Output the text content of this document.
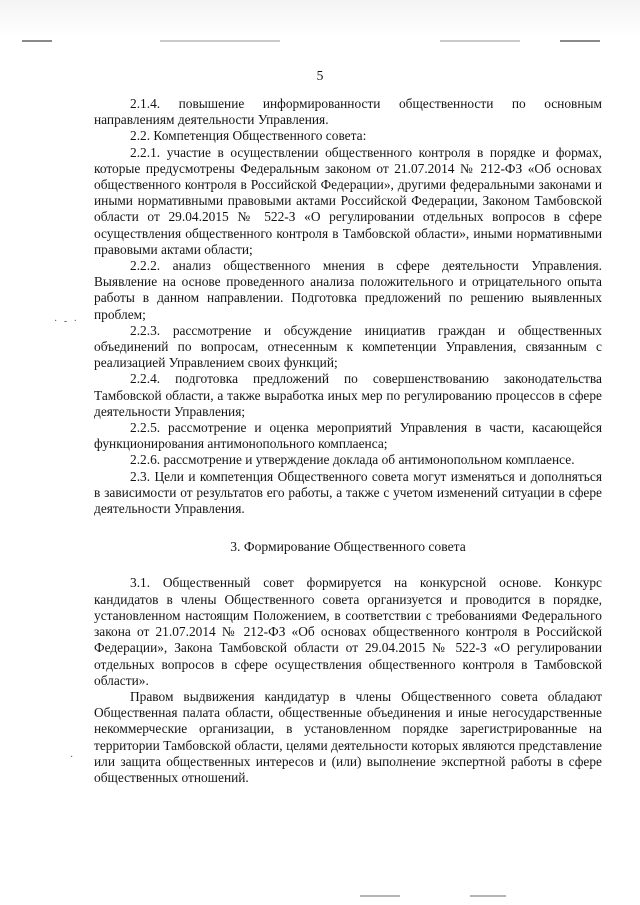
· - ·
·
5

2.1.4. повышение информированности общественности по основным направлениям деятельности Управления.

2.2. Компетенция Общественного совета:

2.2.1. участие в осуществлении общественного контроля в порядке и формах, которые предусмотрены Федеральным законом от 21.07.2014 № 212-ФЗ «Об основах общественного контроля в Российской Федерации», другими федеральными законами и иными нормативными правовыми актами Российской Федерации, Законом Тамбовской области от 29.04.2015 № 522-З «О регулировании отдельных вопросов в сфере осуществления общественного контроля в Тамбовской области», иными нормативными правовыми актами области;

2.2.2. анализ общественного мнения в сфере деятельности Управления. Выявление на основе проведенного анализа положительного и отрицательного опыта работы в данном направлении. Подготовка предложений по решению выявленных проблем;

2.2.3. рассмотрение и обсуждение инициатив граждан и общественных объединений по вопросам, отнесенным к компетенции Управления, связанным с реализацией Управлением своих функций;

2.2.4. подготовка предложений по совершенствованию законодательства Тамбовской области, а также выработка иных мер по регулированию процессов в сфере деятельности Управления;

2.2.5. рассмотрение и оценка мероприятий Управления в части, касающейся функционирования антимонопольного комплаенса;

2.2.6. рассмотрение и утверждение доклада об антимонопольном комплаенсе.

2.3. Цели и компетенция Общественного совета могут изменяться и дополняться в зависимости от результатов его работы, а также с учетом изменений ситуации в сфере деятельности Управления.

3. Формирование Общественного совета

3.1. Общественный совет формируется на конкурсной основе. Конкурс кандидатов в члены Общественного совета организуется и проводится в порядке, установленном настоящим Положением, в соответствии с требованиями Федерального закона от 21.07.2014 № 212-ФЗ «Об основах общественного контроля в Российской Федерации», Закона Тамбовской области от 29.04.2015 № 522-З «О регулировании отдельных вопросов в сфере осуществления общественного контроля в Тамбовской области».

Правом выдвижения кандидатур в члены Общественного совета обладают Общественная палата области, общественные объединения и иные негосударственные некоммерческие организации, в установленном порядке зарегистрированные на территории Тамбовской области, целями деятельности которых являются представление или защита общественных интересов и (или) выполнение экспертной работы в сфере общественных отношений.
